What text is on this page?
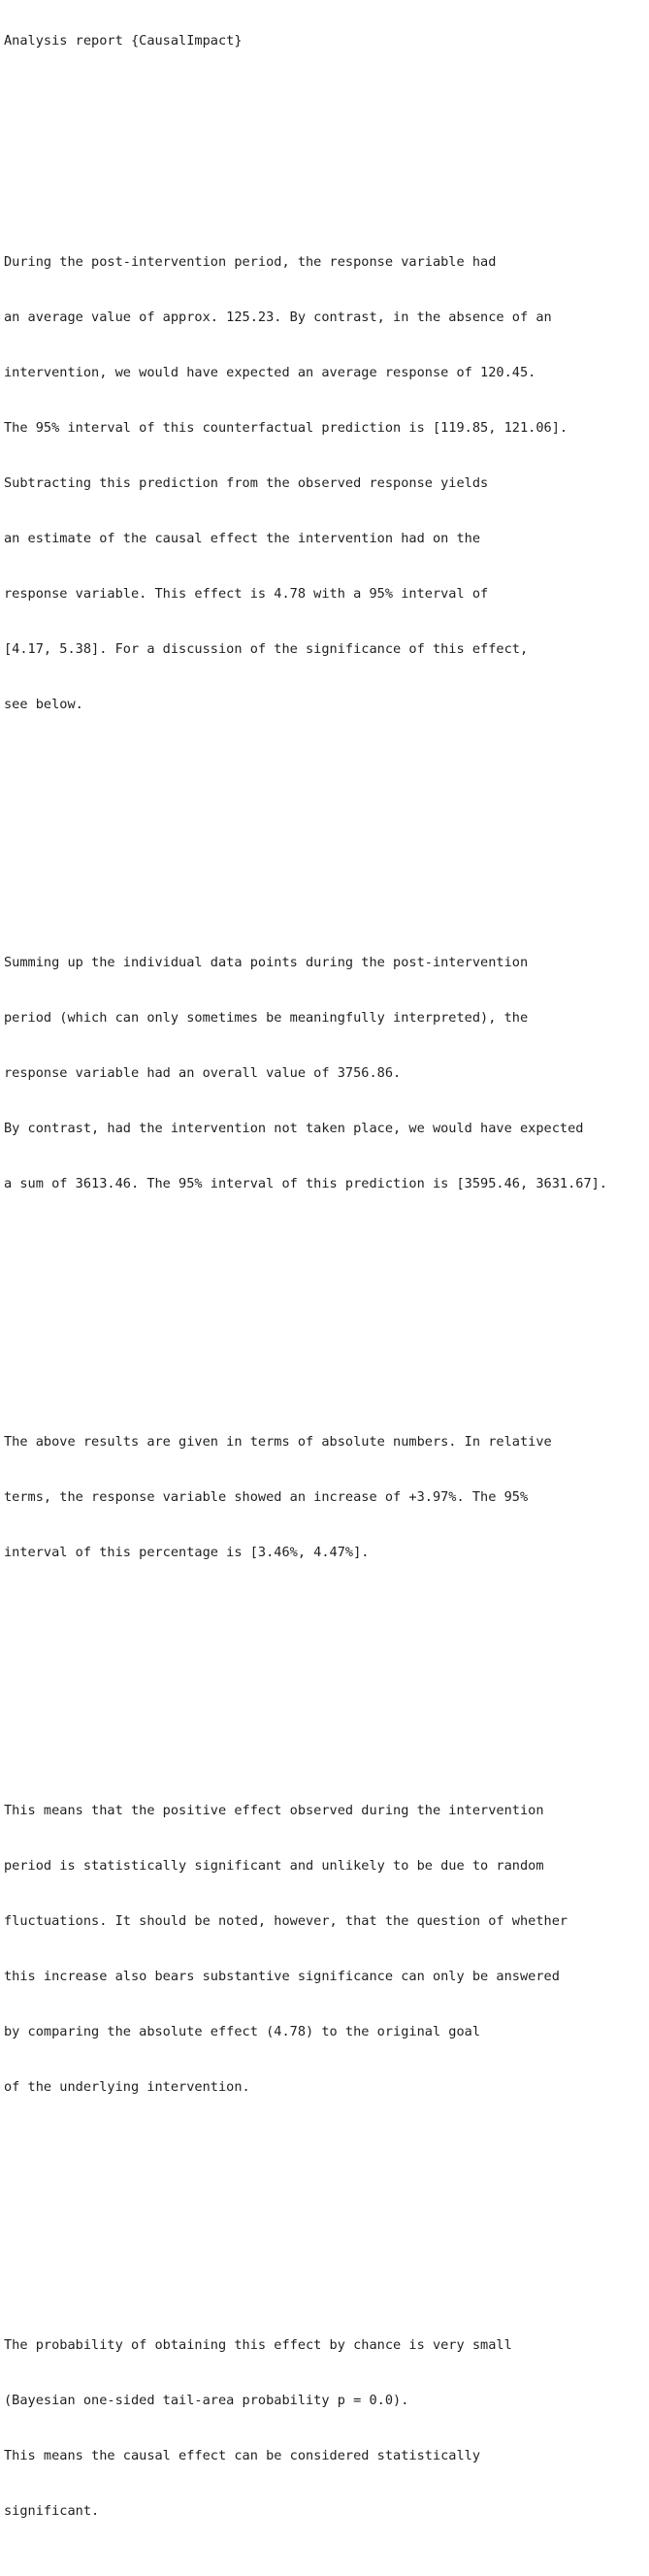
Analysis report {CausalImpact}

During the post-intervention period, the response variable had

an average value of approx. 125.23. By contrast, in the absence of an

intervention, we would have expected an average response of 120.45.

The 95% interval of this counterfactual prediction is [119.85, 121.06].

Subtracting this prediction from the observed response yields

an estimate of the causal effect the intervention had on the

response variable. This effect is 4.78 with a 95% interval of

[4.17, 5.38]. For a discussion of the significance of this effect,

see below.

Summing up the individual data points during the post-intervention

period (which can only sometimes be meaningfully interpreted), the

response variable had an overall value of 3756.86.

By contrast, had the intervention not taken place, we would have expected

a sum of 3613.46. The 95% interval of this prediction is [3595.46, 3631.67].

The above results are given in terms of absolute numbers. In relative

terms, the response variable showed an increase of +3.97%. The 95%

interval of this percentage is [3.46%, 4.47%].

This means that the positive effect observed during the intervention

period is statistically significant and unlikely to be due to random

fluctuations. It should be noted, however, that the question of whether

this increase also bears substantive significance can only be answered

by comparing the absolute effect (4.78) to the original goal

of the underlying intervention.

The probability of obtaining this effect by chance is very small

(Bayesian one-sided tail-area probability p = 0.0).

This means the causal effect can be considered statistically

significant.
